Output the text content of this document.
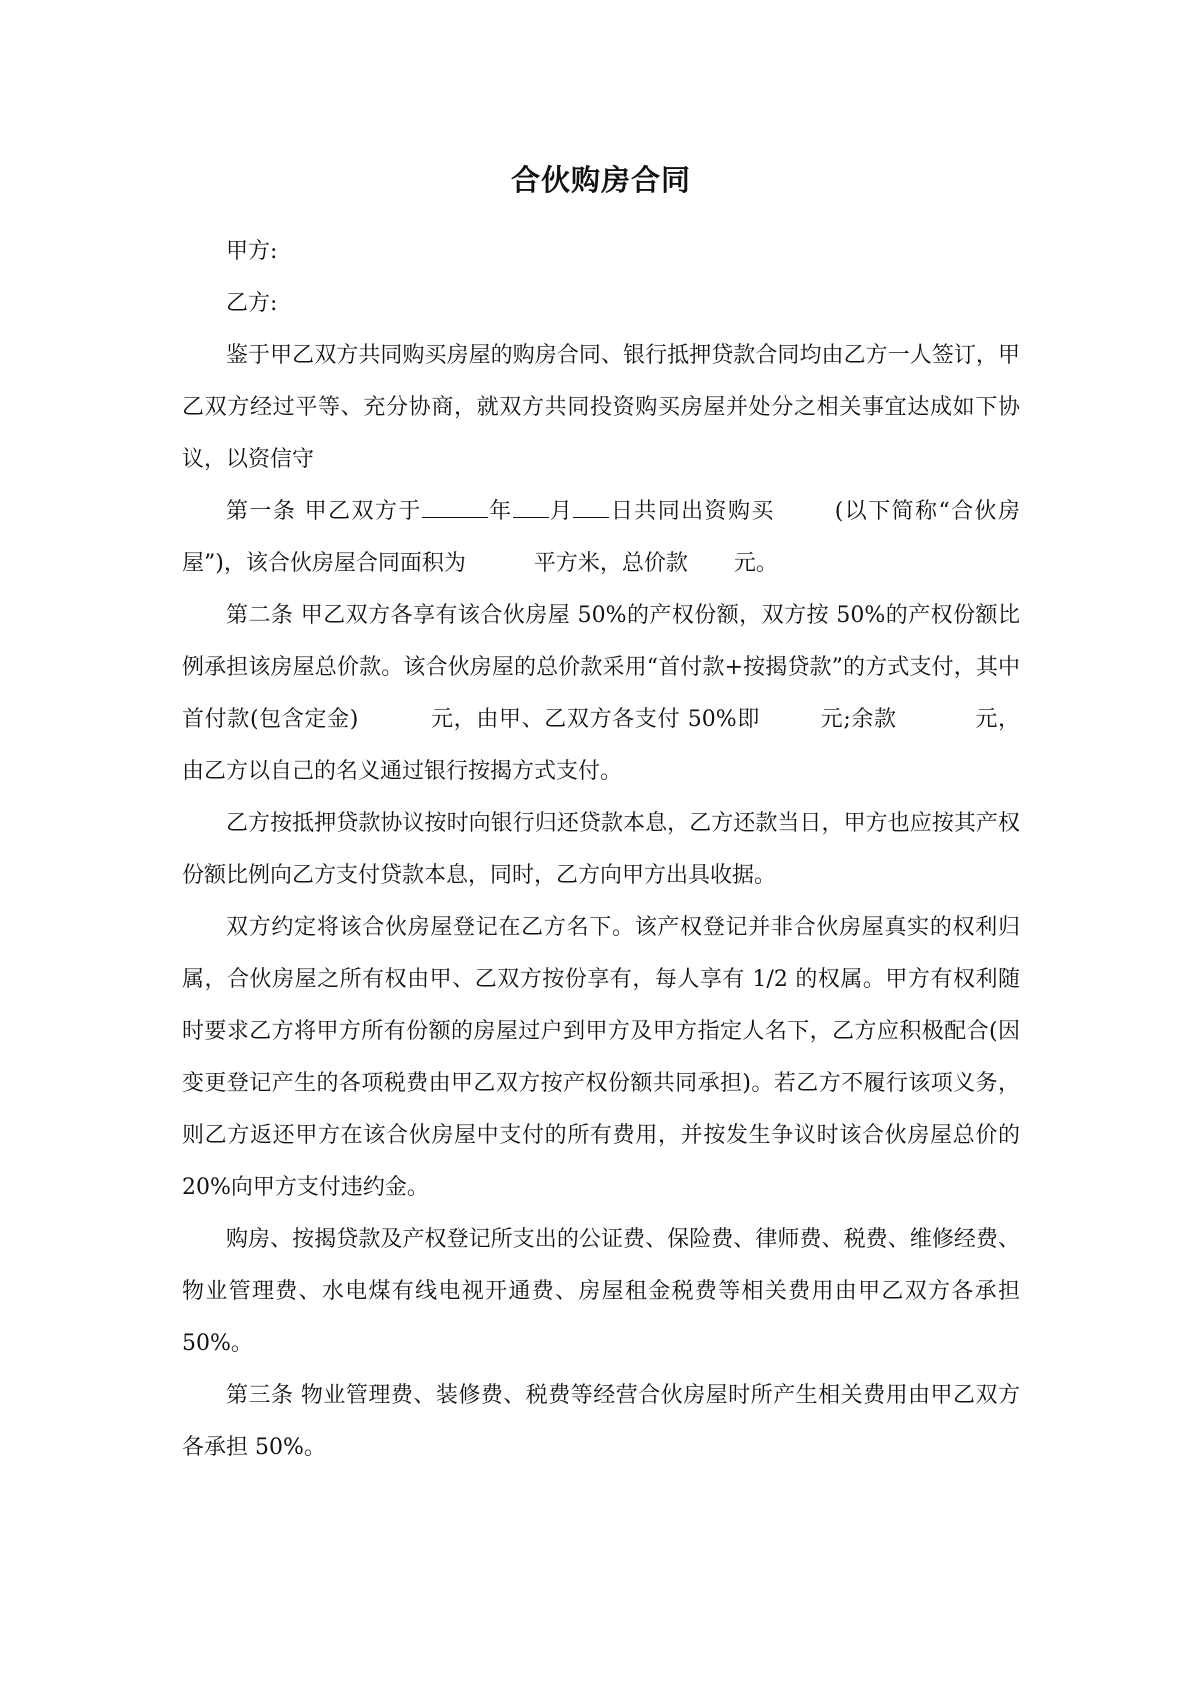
合伙购房合同

甲方:

乙方:

鉴于甲乙双方共同购买房屋的购房合同、银行抵押贷款合同均由乙方一人签订，甲乙双方经过平等、充分协商，就双方共同投资购买房屋并处分之相关事宜达成如下协议，以资信守

第一条 甲乙双方于	年 月 日共同出资购买	(以下简称“合伙房屋”)，该合伙房屋合同面积为	平方米，总价款 元。

第二条 甲乙双方各享有该合伙房屋 50%的产权份额，双方按 50%的产权份额比例承担该房屋总价款。该合伙房屋的总价款采用“首付款+按揭贷款”的方式支付，其中首付款(包含定金)	元，由甲、乙双方各支付 50%即	元;余款	元，由乙方以自己的名义通过银行按揭方式支付。

乙方按抵押贷款协议按时向银行归还贷款本息，乙方还款当日，甲方也应按其产权份额比例向乙方支付贷款本息，同时，乙方向甲方出具收据。

双方约定将该合伙房屋登记在乙方名下。该产权登记并非合伙房屋真实的权利归属，合伙房屋之所有权由甲、乙双方按份享有，每人享有 1/2 的权属。甲方有权利随时要求乙方将甲方所有份额的房屋过户到甲方及甲方指定人名下，乙方应积极配合(因变更登记产生的各项税费由甲乙双方按产权份额共同承担)。若乙方不履行该项义务，则乙方返还甲方在该合伙房屋中支付的所有费用，并按发生争议时该合伙房屋总价的 20%向甲方支付违约金。

购房、按揭贷款及产权登记所支出的公证费、保险费、律师费、税费、维修经费、物业管理费、水电煤有线电视开通费、房屋租金税费等相关费用由甲乙双方各承担 50%。

第三条 物业管理费、装修费、税费等经营合伙房屋时所产生相关费用由甲乙双方各承担 50%。
